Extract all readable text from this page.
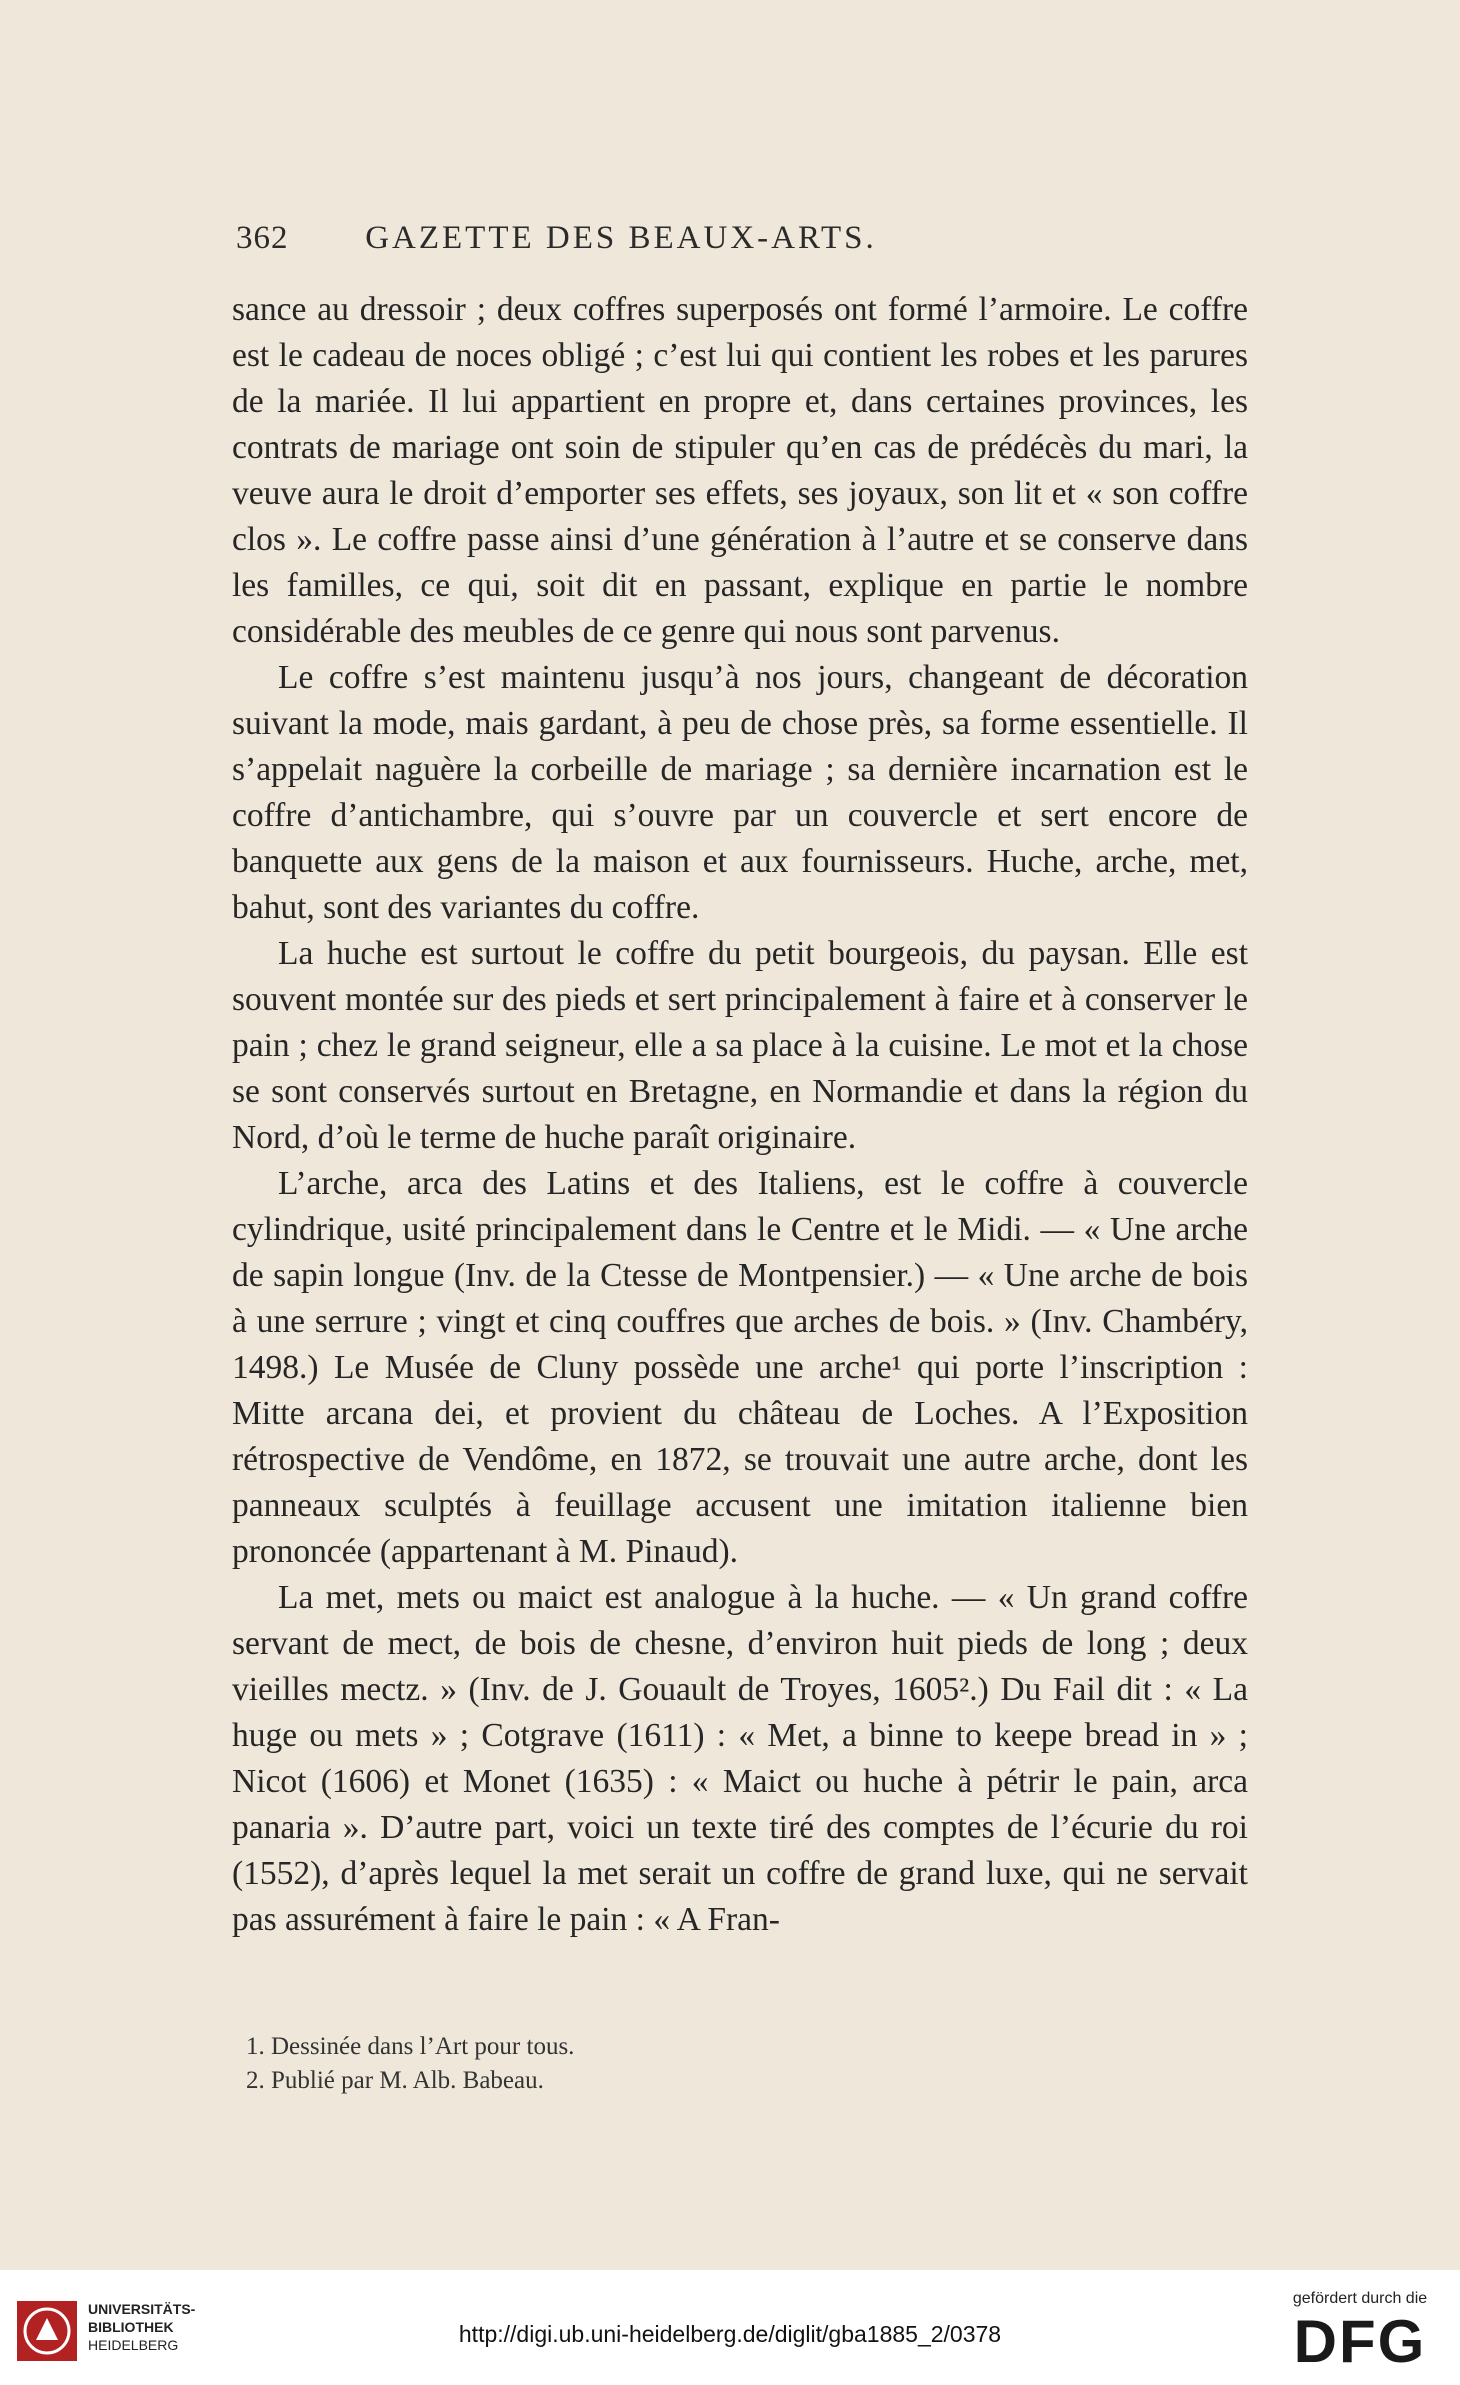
362	GAZETTE DES BEAUX-ARTS.

sance au dressoir ; deux coffres superposés ont formé l’armoire. Le coffre est le cadeau de noces obligé ; c’est lui qui contient les robes et les parures de la mariée. Il lui appartient en propre et, dans certaines provinces, les contrats de mariage ont soin de stipuler qu’en cas de prédécès du mari, la veuve aura le droit d’emporter ses effets, ses joyaux, son lit et « son coffre clos ». Le coffre passe ainsi d’une génération à l’autre et se conserve dans les familles, ce qui, soit dit en passant, explique en partie le nombre considérable des meubles de ce genre qui nous sont parvenus.

Le coffre s’est maintenu jusqu’à nos jours, changeant de décoration suivant la mode, mais gardant, à peu de chose près, sa forme essentielle. Il s’appelait naguère la corbeille de mariage ; sa dernière incarnation est le coffre d’antichambre, qui s’ouvre par un couvercle et sert encore de banquette aux gens de la maison et aux fournisseurs. Huche, arche, met, bahut, sont des variantes du coffre.

La huche est surtout le coffre du petit bourgeois, du paysan. Elle est souvent montée sur des pieds et sert principalement à faire et à conserver le pain ; chez le grand seigneur, elle a sa place à la cuisine. Le mot et la chose se sont conservés surtout en Bretagne, en Normandie et dans la région du Nord, d’où le terme de huche paraît originaire.

L’arche, arca des Latins et des Italiens, est le coffre à couvercle cylindrique, usité principalement dans le Centre et le Midi. — « Une arche de sapin longue (Inv. de la Ctesse de Montpensier.) — « Une arche de bois à une serrure ; vingt et cinq couffres que arches de bois. » (Inv. Chambéry, 1498.) Le Musée de Cluny possède une arche¹ qui porte l’inscription : Mitte arcana dei, et provient du château de Loches. A l’Exposition rétrospective de Vendôme, en 1872, se trouvait une autre arche, dont les panneaux sculptés à feuillage accusent une imitation italienne bien prononcée (appartenant à M. Pinaud).

La met, mets ou maict est analogue à la huche. — « Un grand coffre servant de mect, de bois de chesne, d’environ huit pieds de long ; deux vieilles mectz. » (Inv. de J. Gouault de Troyes, 1605².) Du Fail dit : « La huge ou mets » ; Cotgrave (1611) : « Met, a binne to keepe bread in » ; Nicot (1606) et Monet (1635) : « Maict ou huche à pétrir le pain, arca panaria ». D’autre part, voici un texte tiré des comptes de l’écurie du roi (1552), d’après lequel la met serait un coffre de grand luxe, qui ne servait pas assurément à faire le pain : « A Fran-

1. Dessinée dans l’Art pour tous.

2. Publié par M. Alb. Babeau.

UNIVERSITÄTS-
BIBLIOTHEK
HEIDELBERG	http://digi.ub.uni-heidelberg.de/diglit/gba1885_2/0378
gefördert durch die
DFG
